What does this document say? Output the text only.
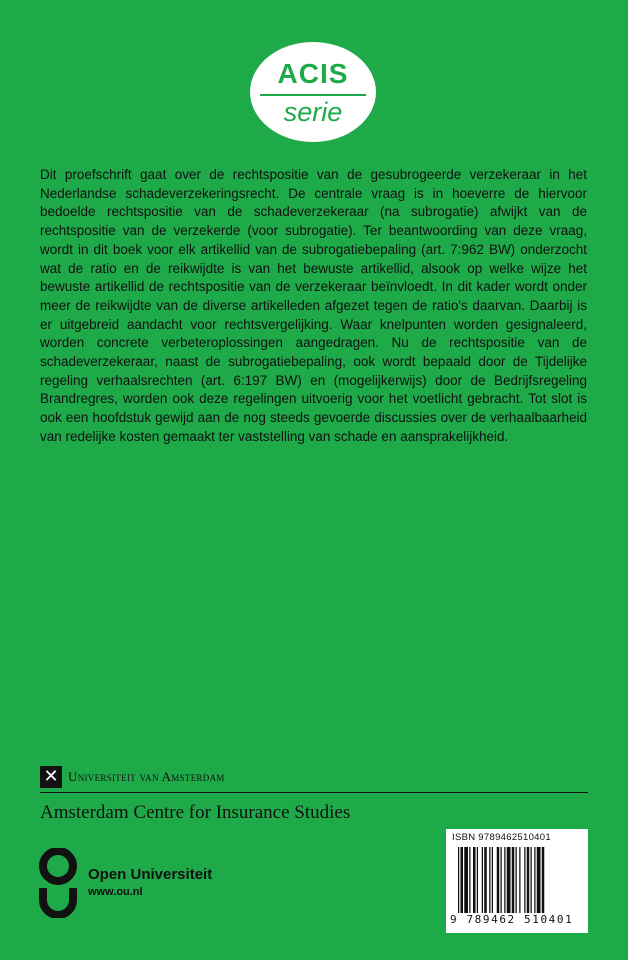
ACIS
serie
Dit proefschrift gaat over de rechtspositie van de gesubrogeerde verzekeraar in het Nederlandse schadeverzekeringsrecht. De centrale vraag is in hoeverre de hiervoor bedoelde rechtspositie van de schadeverzekeraar (na subrogatie) afwijkt van de rechtspositie van de verzekerde (voor subrogatie). Ter beantwoording van deze vraag, wordt in dit boek voor elk artikellid van de subrogatiebepaling (art. 7:962 BW) onderzocht wat de ratio en de reikwijdte is van het bewuste artikellid, alsook op welke wijze het bewuste artikellid de rechtspositie van de verzekeraar beïnvloedt. In dit kader wordt onder meer de reikwijdte van de diverse artikelleden afgezet tegen de ratio's daarvan. Daarbij is er uitgebreid aandacht voor rechtsvergelijking. Waar knelpunten worden gesignaleerd, worden concrete verbeteroplossingen aangedragen. Nu de rechtspositie van de schadeverzekeraar, naast de subrogatiebepaling, ook wordt bepaald door de Tijdelijke regeling verhaalsrechten (art. 6:197 BW) en (mogelijkerwijs) door de Bedrijfsregeling Brandregres, worden ook deze regelingen uitvoerig voor het voetlicht gebracht. Tot slot is ook een hoofdstuk gewijd aan de nog steeds gevoerde discussies over de verhaalbaarheid van redelijke kosten gemaakt ter vaststelling van schade en aansprakelijkheid.
✕ Universiteit van Amsterdam
Amsterdam Centre for Insurance Studies
Open Universiteit
www.ou.nl
ISBN 9789462510401
9 789462 510401
